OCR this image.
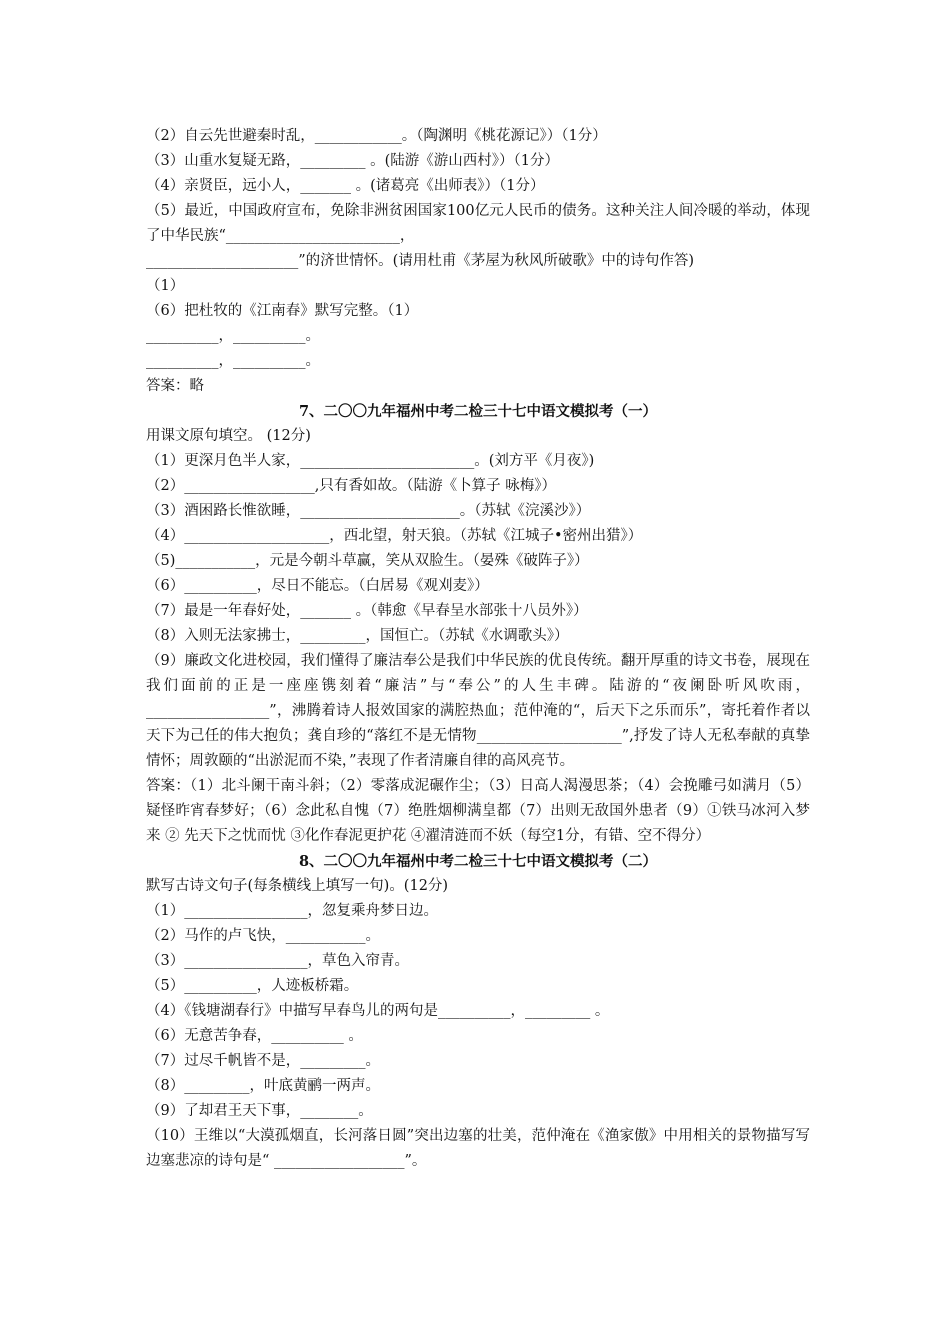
（2）自云先世避秦时乱，____________。（陶渊明《桃花源记》）（1分）
（3）山重水复疑无路，_________ 。(陆游《游山西村》）（1分）
（4）亲贤臣，远小人，_______ 。(诸葛亮《出师表》）（1分）
（5）最近，中国政府宣布，免除非洲贫困国家100亿元人民币的债务。这种关注人间冷暖的举动，体现了中华民族“________________________，
_____________________”的济世情怀。(请用杜甫《茅屋为秋风所破歌》中的诗句作答)
（1）
（6）把杜牧的《江南春》默写完整。（1）
__________，__________。
__________，__________。
答案：略
7、二〇〇九年福州中考二检三十七中语文模拟考（一）
用课文原句填空。 (12分)
（1）更深月色半人家，________________________。(刘方平《月夜》)
（2）__________________,只有香如故。（陆游《卜算子 咏梅》）
（3）酒困路长惟欲睡，______________________。（苏轼《浣溪沙》）
（4）____________________，西北望，射天狼。（苏轼《江城子•密州出猎》）
（5)___________，元是今朝斗草赢，笑从双脸生。（晏殊《破阵子》）
（6）__________，尽日不能忘。（白居易《观刈麦》）
（7）最是一年春好处，_______ 。（韩愈《早春呈水部张十八员外》）
（8）入则无法家拂士，_________，国恒亡。（苏轼《水调歌头》）
（9）廉政文化进校园，我们懂得了廉洁奉公是我们中华民族的优良传统。翻开厚重的诗文书卷，展现在我们面前的正是一座座镌刻着“廉洁”与“奉公”的人生丰碑。陆游的“夜阑卧听风吹雨，_________________”，沸腾着诗人报效国家的满腔热血；范仲淹的“，后天下之乐而乐”，寄托着作者以天下为己任的伟大抱负；龚自珍的“落红不是无情物____________________”,抒发了诗人无私奉献的真挚情怀；周敦颐的“出淤泥而不染，”表现了作者清廉自律的高风亮节。
答案：（1）北斗阑干南斗斜；（2）零落成泥碾作尘；（3）日高人渴漫思茶；（4）会挽雕弓如满月（5）疑怪昨宵春梦好；（6）念此私自愧（7）绝胜烟柳满皇都（7）出则无敌国外患者（9）①铁马冰河入梦来 ② 先天下之忧而忧 ③化作春泥更护花 ④濯清涟而不妖（每空1分，有错、空不得分）
8、二〇〇九年福州中考二检三十七中语文模拟考（二）
默写古诗文句子(每条横线上填写一句)。(12分)
（1）_________________，忽复乘舟梦日边。
（2）马作的卢飞快，___________。
（3）_________________，草色入帘青。
（5）__________，人迹板桥霜。
（4）《钱塘湖春行》中描写早春鸟儿的两句是__________，_________ 。
（6）无意苦争春，__________ 。
（7）过尽千帆皆不是，_________。
（8）_________，叶底黄鹂一两声。
（9）了却君王天下事，________。
（10）王维以“大漠孤烟直，长河落日圆”突出边塞的壮美，范仲淹在《渔家傲》中用相关的景物描写写边塞悲凉的诗句是“ __________________”。
